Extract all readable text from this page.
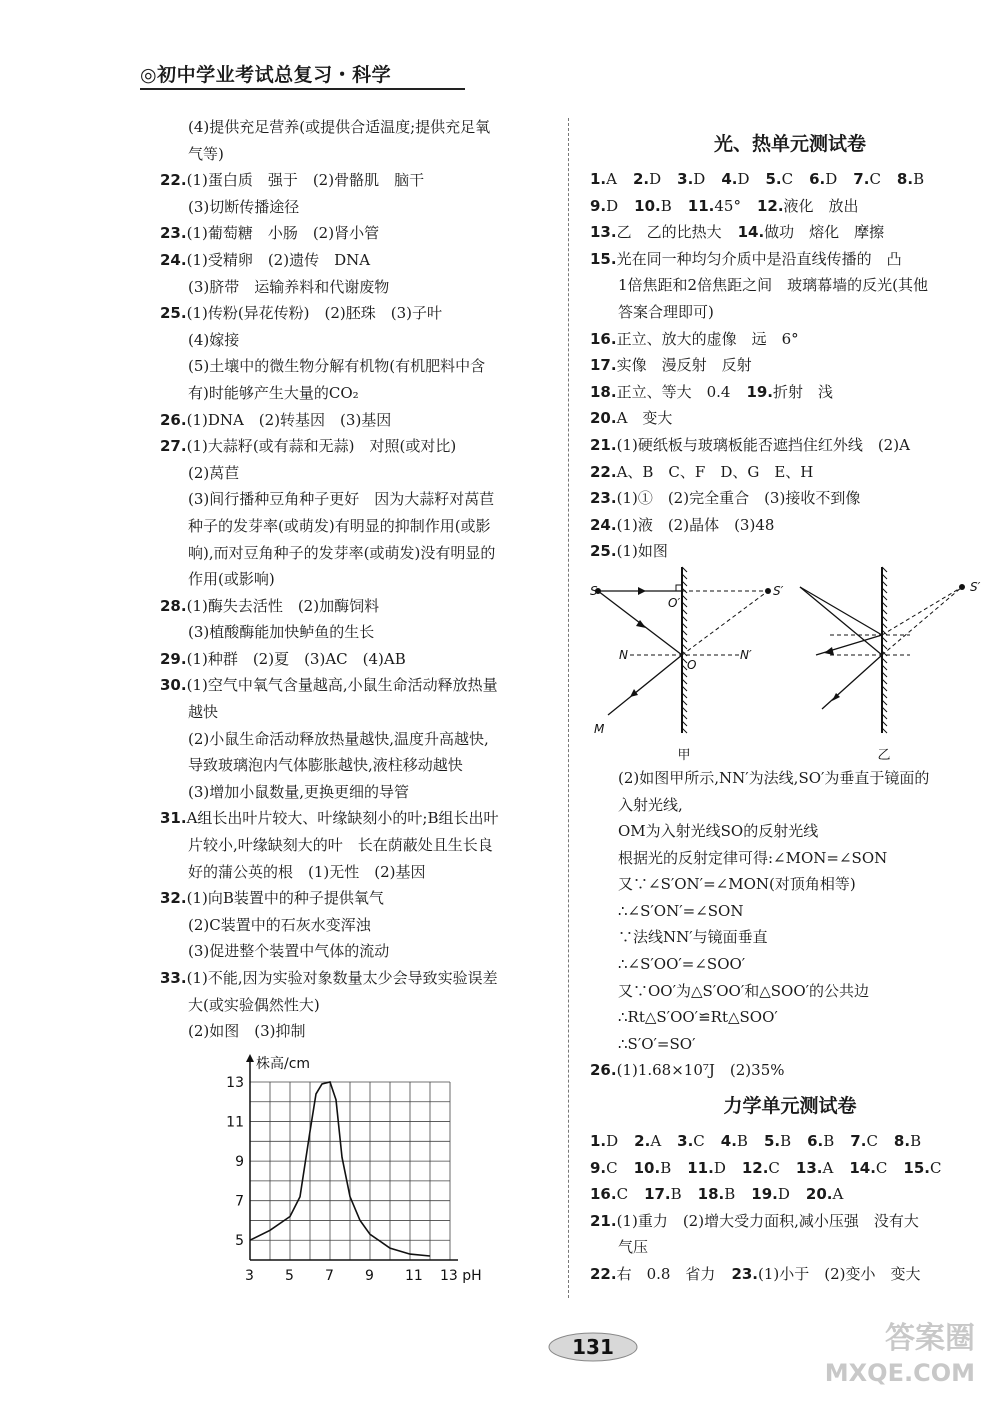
◎初中学业考试总复习・科学
(4)提供充足营养(或提供合适温度;提供充足氧
气等)
22.(1)蛋白质　强于　(2)骨骼肌　脑干
(3)切断传播途径
23.(1)葡萄糖　小肠　(2)肾小管
24.(1)受精卵　(2)遗传　DNA
(3)脐带　运输养料和代谢废物
25.(1)传粉(异花传粉)　(2)胚珠　(3)子叶
(4)嫁接
(5)土壤中的微生物分解有机物(有机肥料中含
有)时能够产生大量的CO₂
26.(1)DNA　(2)转基因　(3)基因
27.(1)大蒜籽(或有蒜和无蒜)　对照(或对比)
(2)莴苣
(3)间行播种豆角种子更好　因为大蒜籽对莴苣
种子的发芽率(或萌发)有明显的抑制作用(或影
响),而对豆角种子的发芽率(或萌发)没有明显的
作用(或影响)
28.(1)酶失去活性　(2)加酶饲料
(3)植酸酶能加快鲈鱼的生长
29.(1)种群　(2)夏　(3)AC　(4)AB
30.(1)空气中氧气含量越高,小鼠生命活动释放热量
越快
(2)小鼠生命活动释放热量越快,温度升高越快,
导致玻璃泡内气体膨胀越快,液柱移动越快
(3)增加小鼠数量,更换更细的导管
31.A组长出叶片较大、叶缘缺刻小的叶;B组长出叶
片较小,叶缘缺刻大的叶　长在荫蔽处且生长良
好的蒲公英的根　(1)无性　(2)基因
32.(1)向B装置中的种子提供氧气
(2)C装置中的石灰水变浑浊
(3)促进整个装置中气体的流动
33.(1)不能,因为实验对象数量太少会导致实验误差
大(或实验偶然性大)
(2)如图　(3)抑制
3 5 7 9 11 13 pH
5
7
9
11
13
株高/cm
光、热单元测试卷
1.A 2.D 3.D 4.D 5.C 6.D 7.C 8.B
9.D 10.B 11.45° 12.液化　放出
13.乙　乙的比热大 14.做功　熔化　摩擦
15.光在同一种均匀介质中是沿直线传播的　凸
1倍焦距和2倍焦距之间　玻璃幕墙的反光(其他
答案合理即可)
16.正立、放大的虚像　远　6°
17.实像　漫反射　反射
18.正立、等大　0.4 19.折射　浅
20.A　变大
21.(1)硬纸板与玻璃板能否遮挡住红外线　(2)A
22.A、B　C、F　D、G　E、H
23.(1)①　(2)完全重合　(3)接收不到像
24.(1)液　(2)晶体　(3)48
25.(1)如图
S	S′
O′
O
N	N′
M
甲
S′
乙
(2)如图甲所示,NN′为法线,SO′为垂直于镜面的
入射光线,
OM为入射光线SO的反射光线
根据光的反射定律可得:∠MON=∠SON
又∵∠S′ON′=∠MON(对顶角相等)
∴∠S′ON′=∠SON
∵法线NN′与镜面垂直
∴∠S′OO′=∠SOO′
又∵OO′为△S′OO′和△SOO′的公共边
∴Rt△S′OO′≌Rt△SOO′
∴S′O′=SO′
26.(1)1.68×10⁷J　(2)35%
力学单元测试卷
1.D 2.A 3.C 4.B 5.B 6.B 7.C 8.B
9.C 10.B 11.D 12.C 13.A 14.C 15.C
16.C 17.B 18.B 19.D 20.A
21.(1)重力　(2)增大受力面积,减小压强　没有大
气压
22.右　0.8　省力 23.(1)小于　(2)变小　变大
131	答案圈
MXQE.COM
